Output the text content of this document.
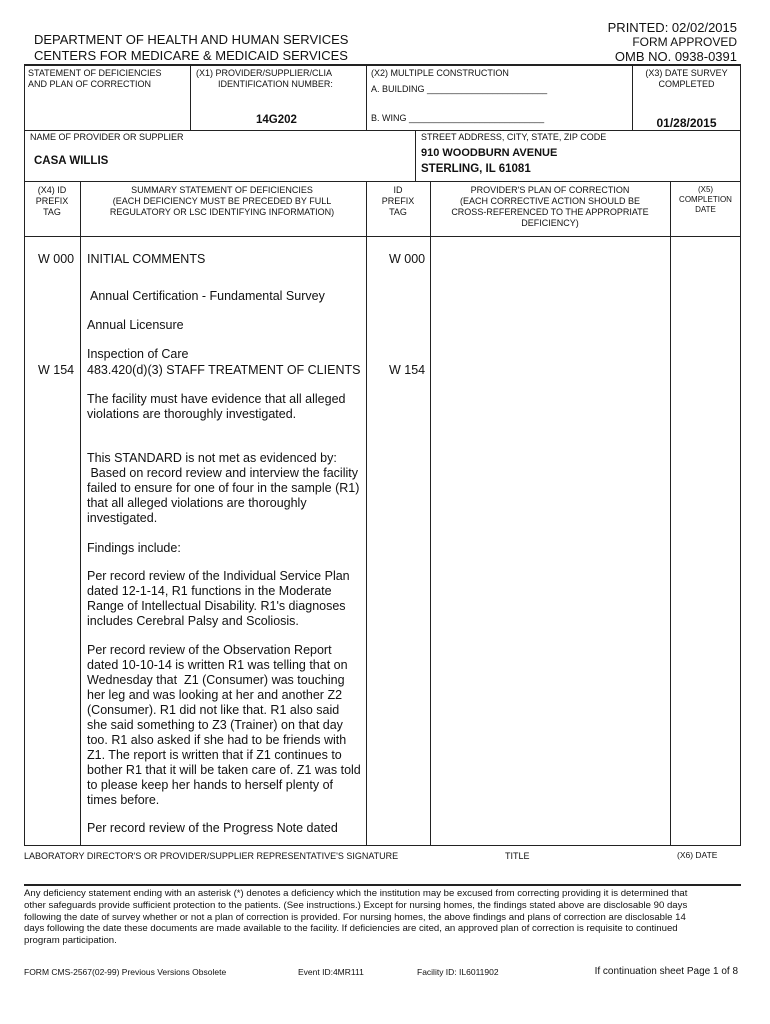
DEPARTMENT OF HEALTH AND HUMAN SERVICES
CENTERS FOR MEDICARE & MEDICAID SERVICES
PRINTED: 02/02/2015
FORM APPROVED
OMB NO. 0938-0391
STATEMENT OF DEFICIENCIES
AND PLAN OF CORRECTION
(X1) PROVIDER/SUPPLIER/CLIA
IDENTIFICATION NUMBER:
14G202
(X2) MULTIPLE CONSTRUCTION
A. BUILDING ________________________
B. WING ___________________________
(X3) DATE SURVEY
COMPLETED
01/28/2015
NAME OF PROVIDER OR SUPPLIER
CASA WILLIS
STREET ADDRESS, CITY, STATE, ZIP CODE
910 WOODBURN AVENUE
STERLING, IL 61081
(X4) ID
PREFIX
TAG
SUMMARY STATEMENT OF DEFICIENCIES
(EACH DEFICIENCY MUST BE PRECEDED BY FULL
REGULATORY OR LSC IDENTIFYING INFORMATION)
ID
PREFIX
TAG
PROVIDER'S PLAN OF CORRECTION
(EACH CORRECTIVE ACTION SHOULD BE
CROSS-REFERENCED TO THE APPROPRIATE
DEFICIENCY)
(X5)
COMPLETION
DATE
W 000 INITIAL COMMENTS	W 000
Annual Certification - Fundamental Survey
Annual Licensure
Inspection of Care
W 154 483.420(d)(3) STAFF TREATMENT OF CLIENTS W 154
The facility must have evidence that all alleged
violations are thoroughly investigated.
This STANDARD is not met as evidenced by:
Based on record review and interview the facility
failed to ensure for one of four in the sample (R1)
that all alleged violations are thoroughly
investigated.
Findings include:
Per record review of the Individual Service Plan
dated 12-1-14, R1 functions in the Moderate
Range of Intellectual Disability. R1's diagnoses
includes Cerebral Palsy and Scoliosis.
Per record review of the Observation Report
dated 10-10-14 is written R1 was telling that on
Wednesday that  Z1 (Consumer) was touching
her leg and was looking at her and another Z2
(Consumer). R1 did not like that. R1 also said
she said something to Z3 (Trainer) on that day
too. R1 also asked if she had to be friends with
Z1. The report is written that if Z1 continues to
bother R1 that it will be taken care of. Z1 was told
to please keep her hands to herself plenty of
times before.
Per record review of the Progress Note dated
LABORATORY DIRECTOR'S OR PROVIDER/SUPPLIER REPRESENTATIVE'S SIGNATURE	TITLE	(X6) DATE
Any deficiency statement ending with an asterisk (*) denotes a deficiency which the institution may be excused from correcting providing it is determined that
other safeguards provide sufficient protection to the patients. (See instructions.) Except for nursing homes, the findings stated above are disclosable 90 days
following the date of survey whether or not a plan of correction is provided. For nursing homes, the above findings and plans of correction are disclosable 14
days following the date these documents are made available to the facility. If deficiencies are cited, an approved plan of correction is requisite to continued
program participation.
FORM CMS-2567(02-99) Previous Versions Obsolete	Event ID:4MR111	Facility ID: IL6011902	If continuation sheet Page 1 of 8
